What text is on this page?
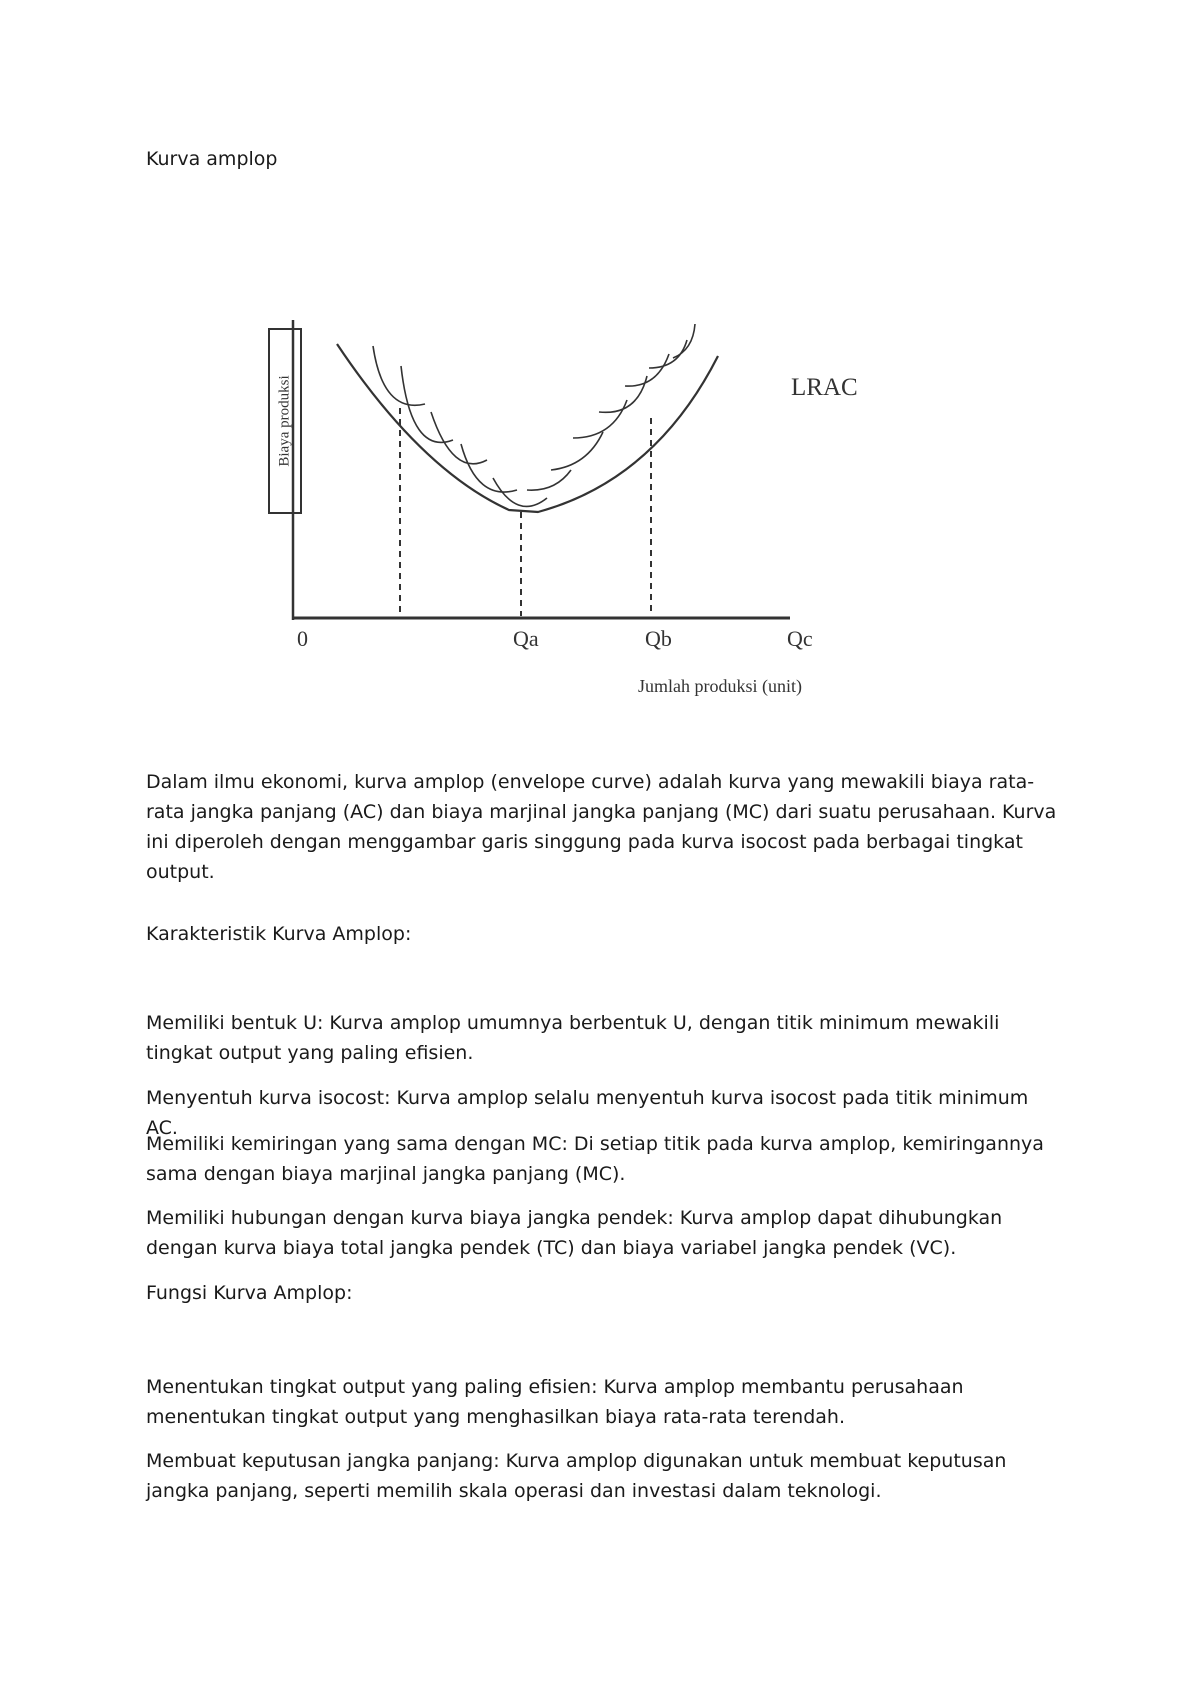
Kurva amplop
Biaya produksi
0	Qa	Qb	Qc
LRAC
Jumlah produksi (unit)

Dalam ilmu ekonomi, kurva amplop (envelope curve) adalah kurva yang mewakili biaya rata-rata jangka panjang (AC) dan biaya marjinal jangka panjang (MC) dari suatu perusahaan. Kurva ini diperoleh dengan menggambar garis singgung pada kurva isocost pada berbagai tingkat output.

Karakteristik Kurva Amplop:

Memiliki bentuk U: Kurva amplop umumnya berbentuk U, dengan titik minimum mewakili tingkat output yang paling efisien.

Menyentuh kurva isocost: Kurva amplop selalu menyentuh kurva isocost pada titik minimum AC.

Memiliki kemiringan yang sama dengan MC: Di setiap titik pada kurva amplop, kemiringannya sama dengan biaya marjinal jangka panjang (MC).

Memiliki hubungan dengan kurva biaya jangka pendek: Kurva amplop dapat dihubungkan dengan kurva biaya total jangka pendek (TC) dan biaya variabel jangka pendek (VC).

Fungsi Kurva Amplop:

Menentukan tingkat output yang paling efisien: Kurva amplop membantu perusahaan menentukan tingkat output yang menghasilkan biaya rata-rata terendah.

Membuat keputusan jangka panjang: Kurva amplop digunakan untuk membuat keputusan jangka panjang, seperti memilih skala operasi dan investasi dalam teknologi.
